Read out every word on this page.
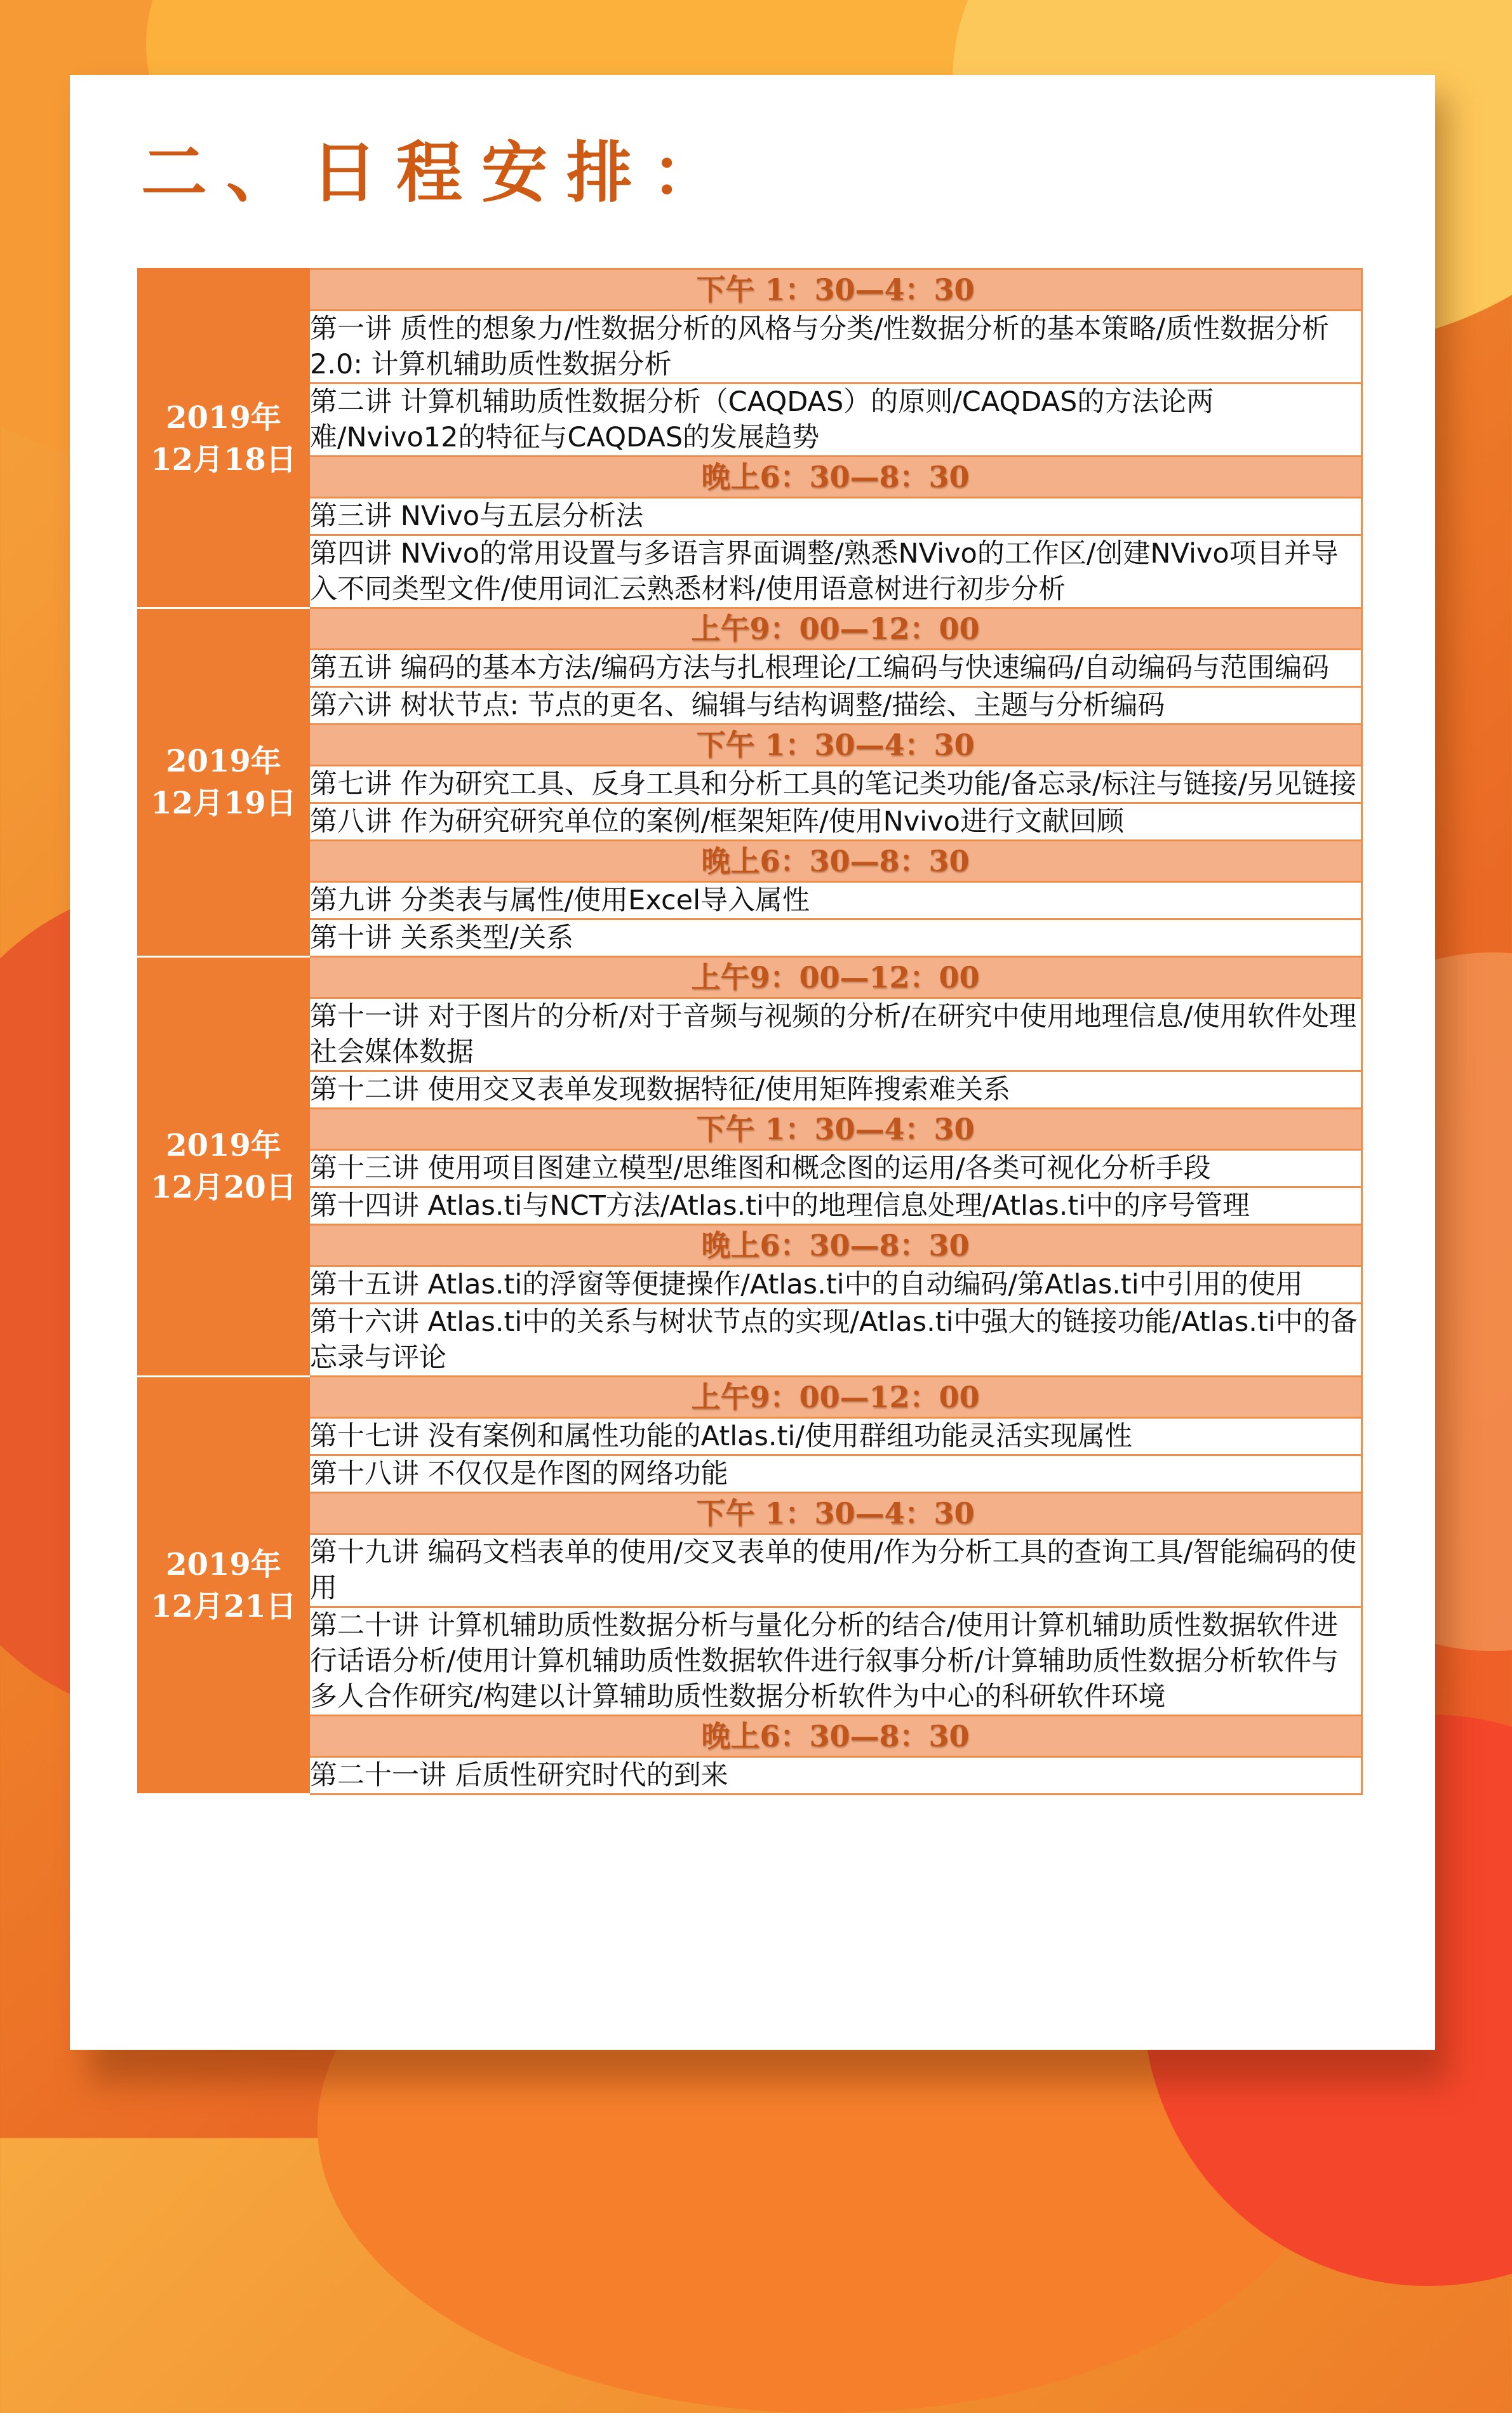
二、日程安排：
2019年
12月18日	下午 1：30—4：30
	第一讲 质性的想象力/性数据分析的风格与分类/性数据分析的基本策略/质性数据分析2.0: 计算机辅助质性数据分析
	第二讲 计算机辅助质性数据分析（CAQDAS）的原则/CAQDAS的方法论两难/Nvivo12的特征与CAQDAS的发展趋势
	晚上6：30—8：30
	第三讲 NVivo与五层分析法
	第四讲 NVivo的常用设置与多语言界面调整/熟悉NVivo的工作区/创建NVivo项目并导入不同类型文件/使用词汇云熟悉材料/使用语意树进行初步分析

2019年
12月19日	上午9：00—12：00
	第五讲 编码的基本方法/编码方法与扎根理论/工编码与快速编码/自动编码与范围编码
	第六讲 树状节点: 节点的更名、编辑与结构调整/描绘、主题与分析编码
	下午 1：30—4：30
	第七讲 作为研究工具、反身工具和分析工具的笔记类功能/备忘录/标注与链接/另见链接
	第八讲 作为研究研究单位的案例/框架矩阵/使用Nvivo进行文献回顾
	晚上6：30—8：30
	第九讲 分类表与属性/使用Excel导入属性
	第十讲 关系类型/关系

2019年
12月20日	上午9：00—12：00
	第十一讲 对于图片的分析/对于音频与视频的分析/在研究中使用地理信息/使用软件处理社会媒体数据
	第十二讲 使用交叉表单发现数据特征/使用矩阵搜索难关系
	下午 1：30—4：30
	第十三讲 使用项目图建立模型/思维图和概念图的运用/各类可视化分析手段
	第十四讲 Atlas.ti与NCT方法/Atlas.ti中的地理信息处理/Atlas.ti中的序号管理
	晚上6：30—8：30
	第十五讲 Atlas.ti的浮窗等便捷操作/Atlas.ti中的自动编码/第Atlas.ti中引用的使用
	第十六讲 Atlas.ti中的关系与树状节点的实现/Atlas.ti中强大的链接功能/Atlas.ti中的备忘录与评论

2019年
12月21日	上午9：00—12：00
	第十七讲 没有案例和属性功能的Atlas.ti/使用群组功能灵活实现属性
	第十八讲 不仅仅是作图的网络功能
	下午 1：30—4：30
	第十九讲 编码文档表单的使用/交叉表单的使用/作为分析工具的查询工具/智能编码的使用
	第二十讲 计算机辅助质性数据分析与量化分析的结合/使用计算机辅助质性数据软件进行话语分析/使用计算机辅助质性数据软件进行叙事分析/计算辅助质性数据分析软件与多人合作研究/构建以计算辅助质性数据分析软件为中心的科研软件环境
	晚上6：30—8：30
	第二十一讲 后质性研究时代的到来
